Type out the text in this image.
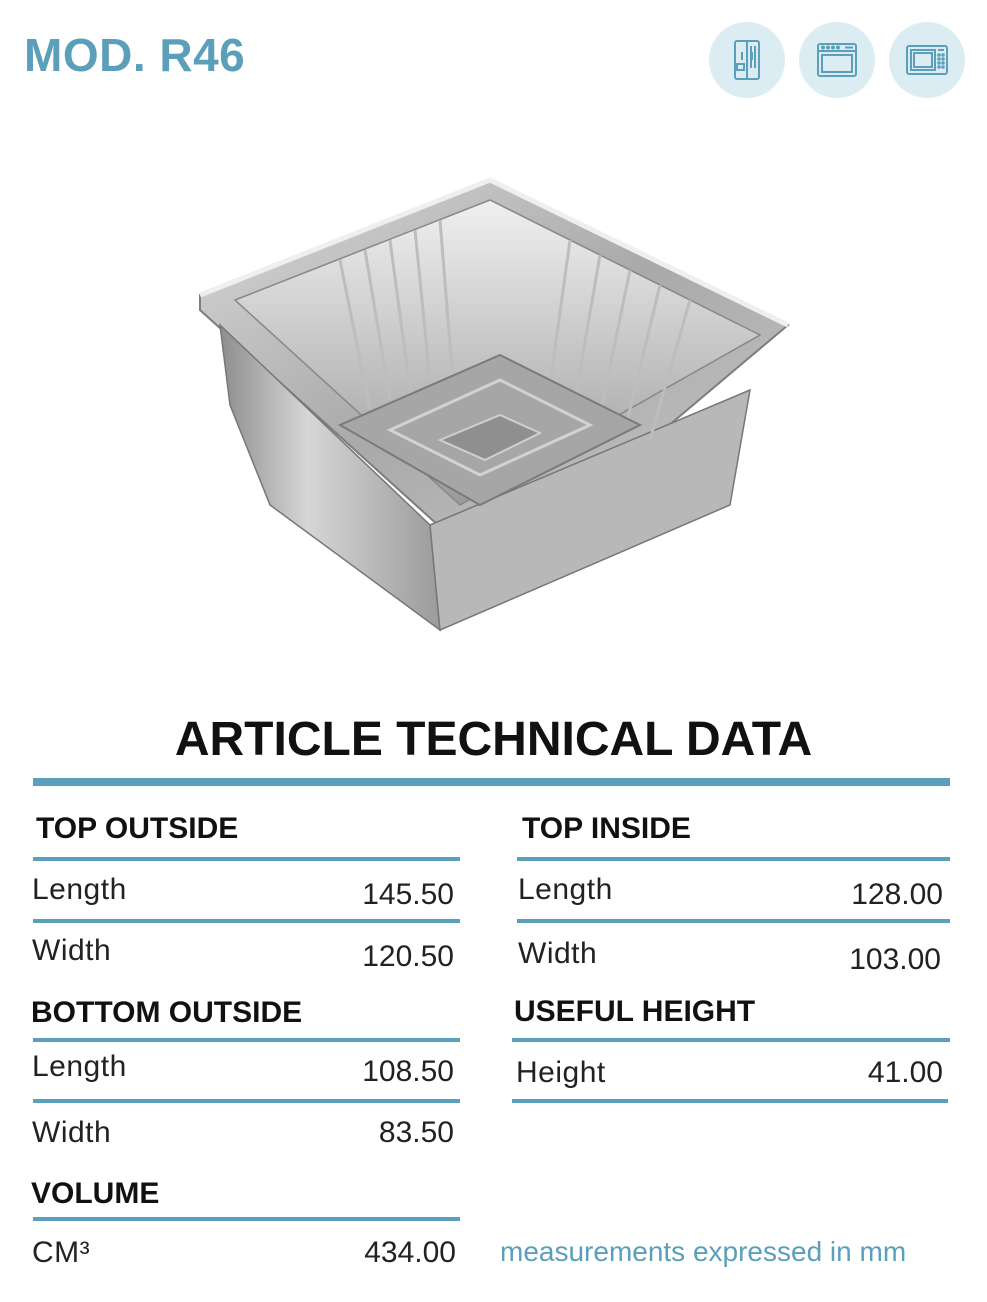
MOD. R46
ARTICLE TECHNICAL DATA
TOP OUTSIDE
Length	145.50
Width	120.50
BOTTOM OUTSIDE
Length	108.50
Width	83.50
VOLUME
CM³	434.00
TOP INSIDE
Length	128.00
Width	103.00
USEFUL HEIGHT
Height	41.00
measurements expressed in mm
